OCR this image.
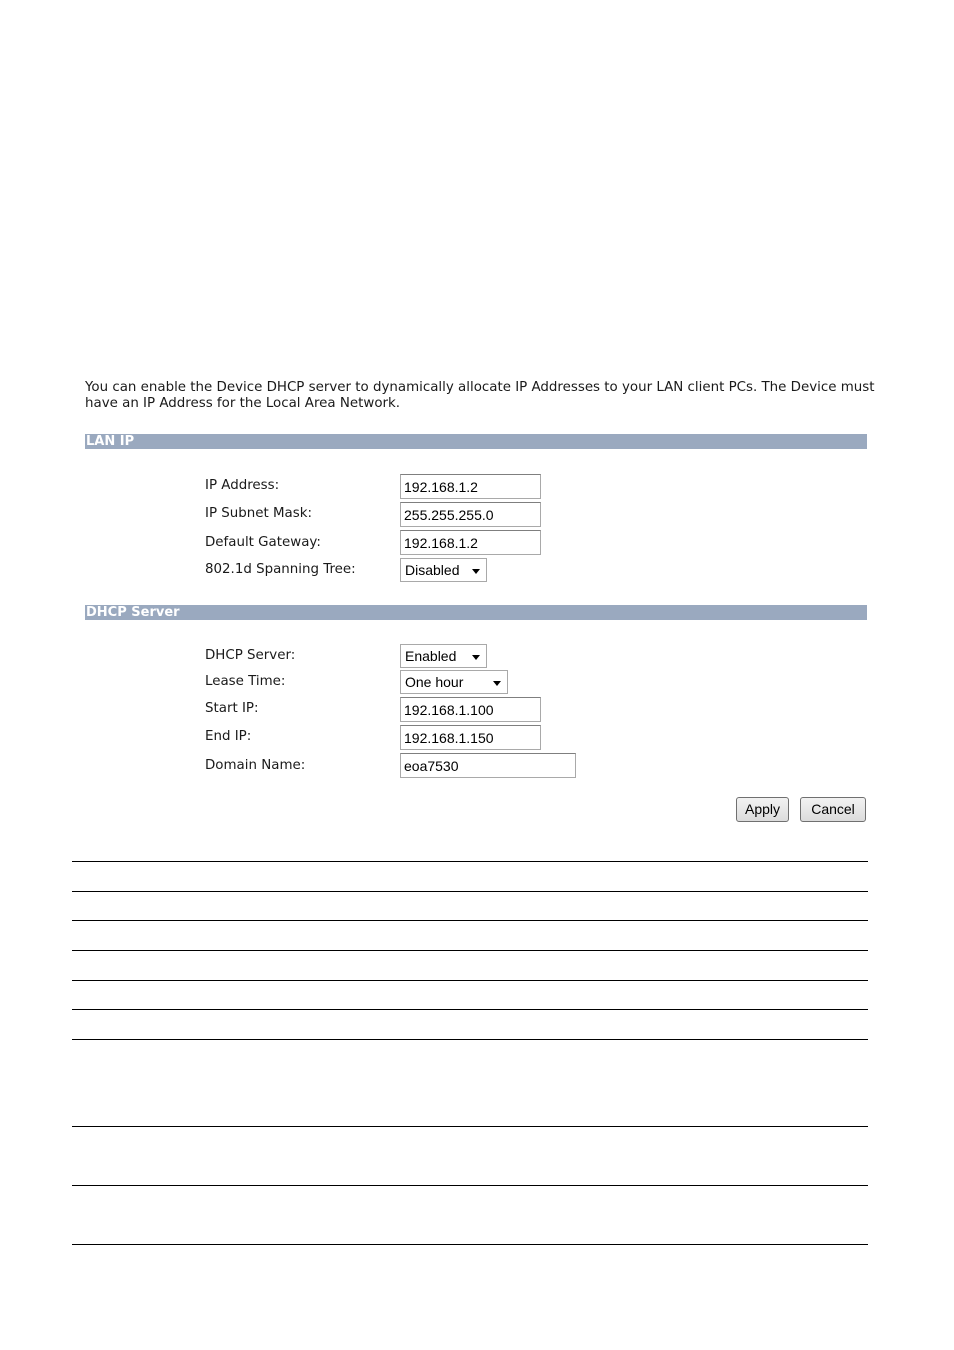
You can enable the Device DHCP server to dynamically allocate IP Addresses to your LAN client PCs. The Device must have an IP Address for the Local Area Network.
LAN IP
IP Address:
192.168.1.2
IP Subnet Mask:
255.255.255.0
Default Gateway:
192.168.1.2
802.1d Spanning Tree:	Disabled
DHCP Server
DHCP Server:	Enabled
Lease Time:	One hour
Start IP:
192.168.1.100
End IP:
192.168.1.150
Domain Name:
eoa7530
Apply	Cancel
